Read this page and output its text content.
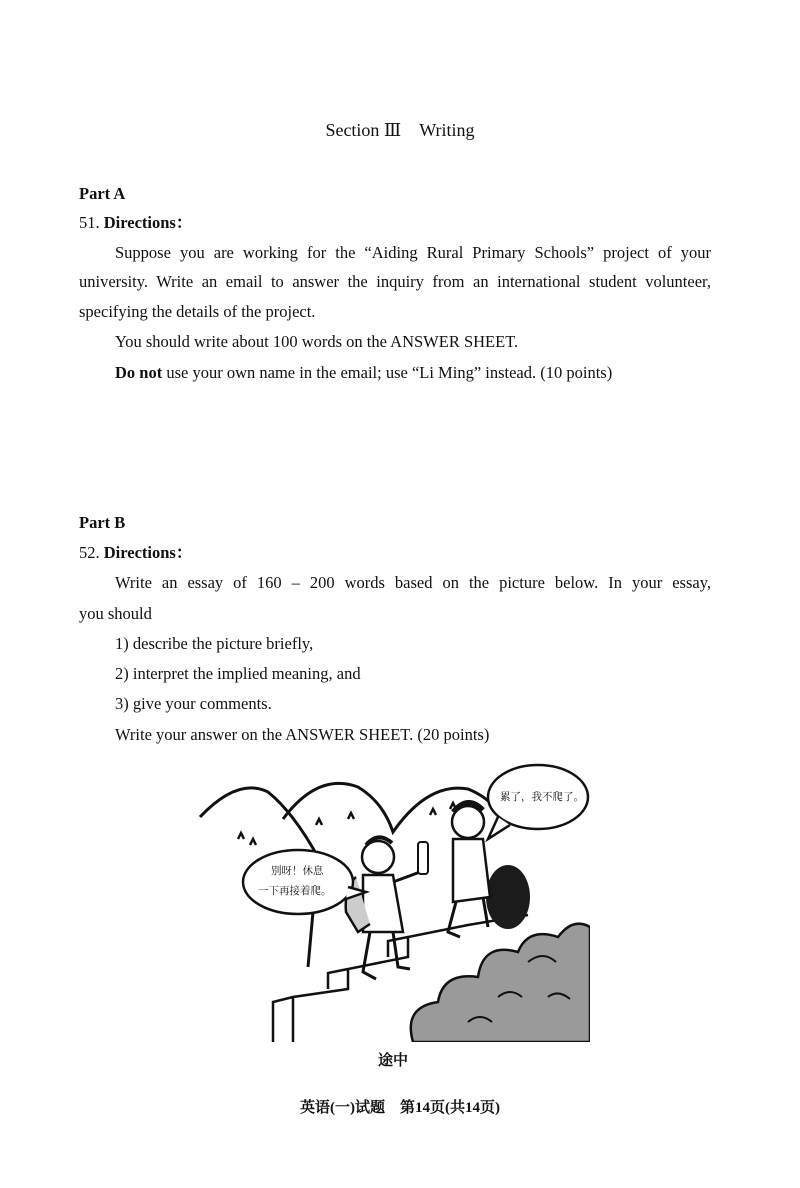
Section Ⅲ　Writing
Part A
51. Directions：
Suppose you are working for the “Aiding Rural Primary Schools” project of your
university. Write an email to answer the inquiry from an international student volunteer,
specifying the details of the project.
You should write about 100 words on the ANSWER SHEET.
Do not use your own name in the email; use “Li Ming” instead. (10 points)
Part B
52. Directions：
Write an essay of 160 – 200 words based on the picture below. In your essay,
you should
1) describe the picture briefly,
2) interpret the implied meaning, and
3) give your comments.
Write your answer on the ANSWER SHEET. (20 points)
累了，我不爬了。
别呀！休息
一下再接着爬。
途中
英语(一)试题　第14页(共14页)
